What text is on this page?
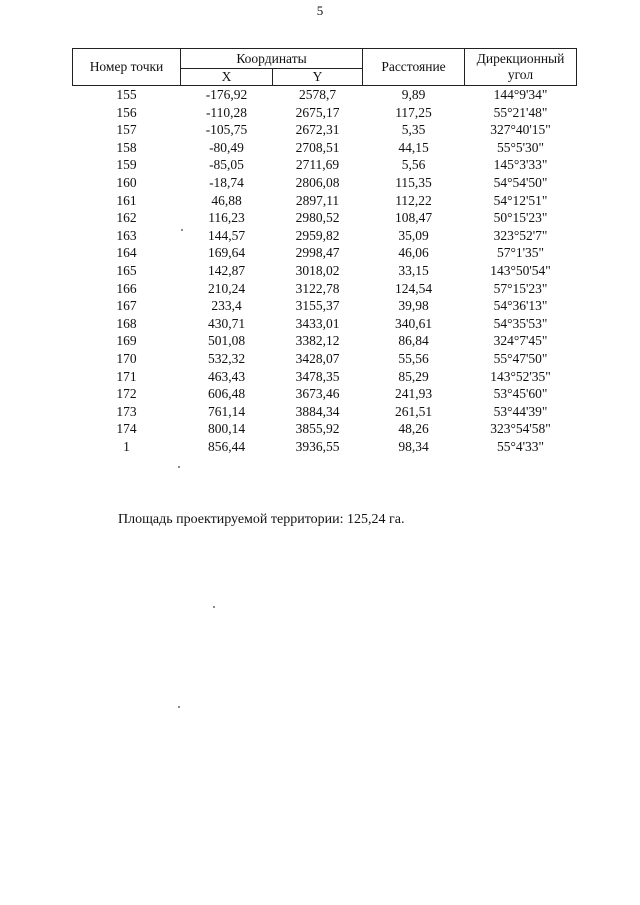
5
Номер точки	Координаты		Расстояние	Дирекционный угол
	X	Y		
155	-176,92	2578,7	9,89	144°9'34"
156	-110,28	2675,17	117,25	55°21'48"
157	-105,75	2672,31	5,35	327°40'15"
158	-80,49	2708,51	44,15	55°5'30"
159	-85,05	2711,69	5,56	145°3'33"
160	-18,74	2806,08	115,35	54°54'50"
161	46,88	2897,11	112,22	54°12'51"
162	116,23	2980,52	108,47	50°15'23"
163	144,57	2959,82	35,09	323°52'7"
164	169,64	2998,47	46,06	57°1'35"
165	142,87	3018,02	33,15	143°50'54"
166	210,24	3122,78	124,54	57°15'23"
167	233,4	3155,37	39,98	54°36'13"
168	430,71	3433,01	340,61	54°35'53"
169	501,08	3382,12	86,84	324°7'45"
170	532,32	3428,07	55,56	55°47'50"
171	463,43	3478,35	85,29	143°52'35"
172	606,48	3673,46	241,93	53°45'60"
173	761,14	3884,34	261,51	53°44'39"
174	800,14	3855,92	48,26	323°54'58"
1	856,44	3936,55	98,34	55°4'33"
Площадь проектируемой территории: 125,24 га.
